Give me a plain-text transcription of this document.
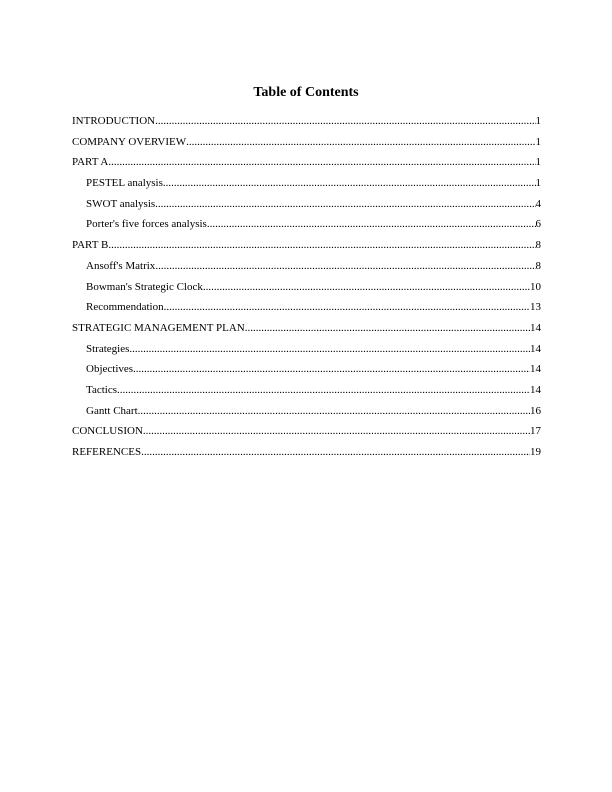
Table of Contents
INTRODUCTION .....	1
COMPANY OVERVIEW .....	1
PART A .....	1
PESTEL analysis .....	1
SWOT analysis .....	4
Porter's five forces analysis .....	6
PART B .....	8
Ansoff's Matrix .....	8
Bowman's Strategic Clock .....	10
Recommendation .....	13
STRATEGIC MANAGEMENT PLAN .....	14
Strategies .....	14
Objectives .....	14
Tactics .....	14
Gantt Chart .....	16
CONCLUSION .....	17
REFERENCES .....	19
